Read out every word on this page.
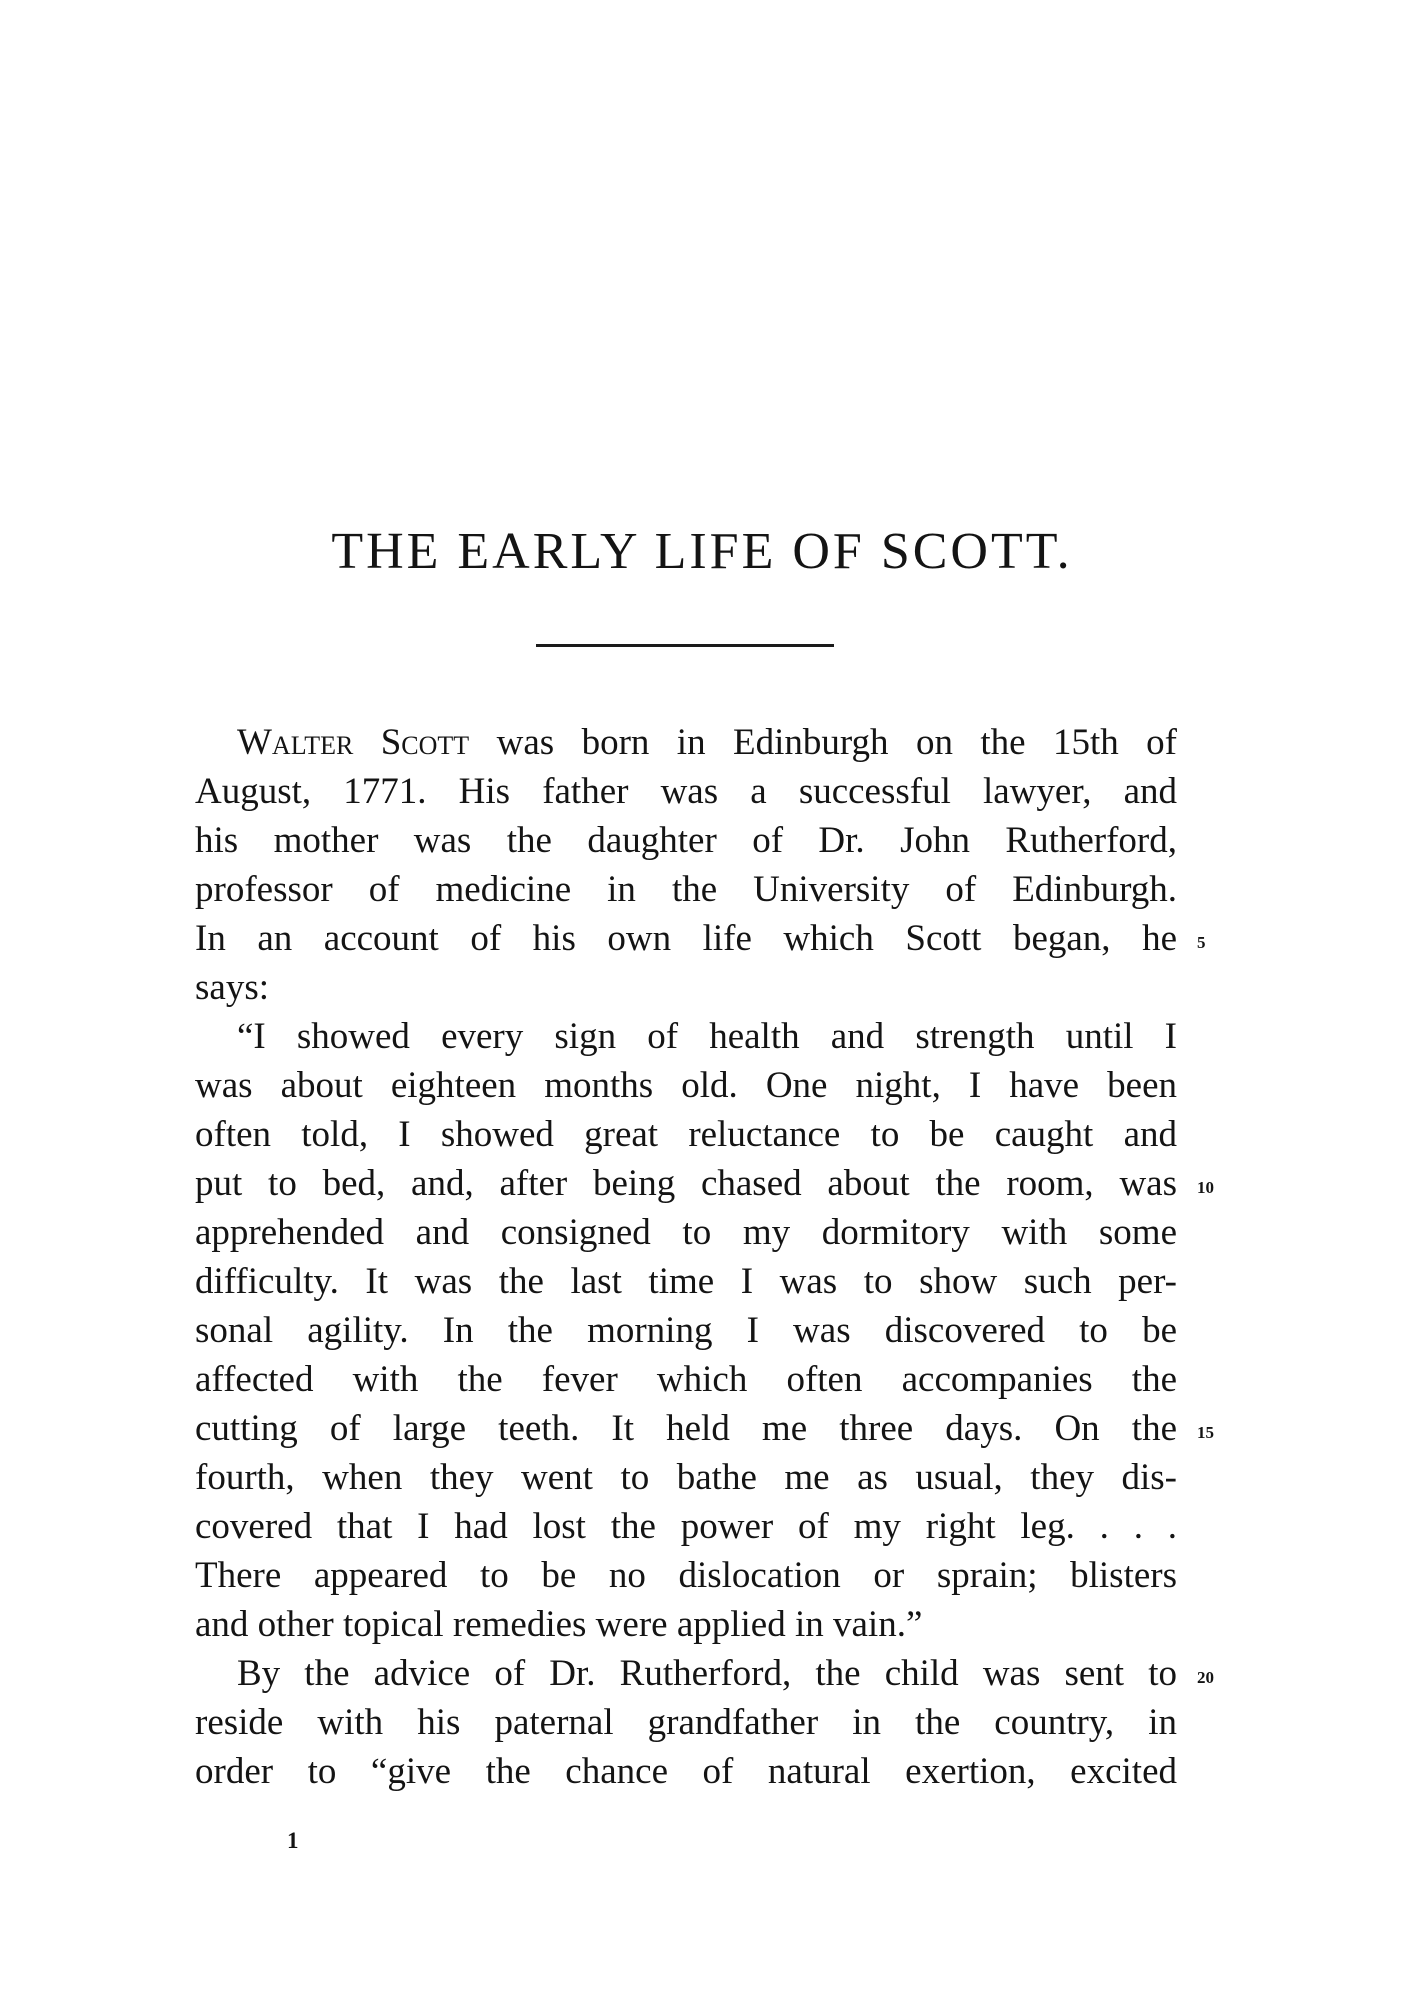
THE EARLY LIFE OF SCOTT.
Walter Scott was born in Edinburgh on the 15th of
August, 1771. His father was a successful lawyer, and
his mother was the daughter of Dr. John Rutherford,
professor of medicine in the University of Edinburgh.
In an account of his own life which Scott began, he 5
says:
“I showed every sign of health and strength until I
was about eighteen months old. One night, I have been
often told, I showed great reluctance to be caught and
put to bed, and, after being chased about the room, was 10
apprehended and consigned to my dormitory with some
difficulty. It was the last time I was to show such per-
sonal agility. In the morning I was discovered to be
affected with the fever which often accompanies the
cutting of large teeth. It held me three days. On the 15
fourth, when they went to bathe me as usual, they dis-
covered that I had lost the power of my right leg. . . .
There appeared to be no dislocation or sprain; blisters
and other topical remedies were applied in vain.”
By the advice of Dr. Rutherford, the child was sent to 20
reside with his paternal grandfather in the country, in
order to “give the chance of natural exertion, excited
1
